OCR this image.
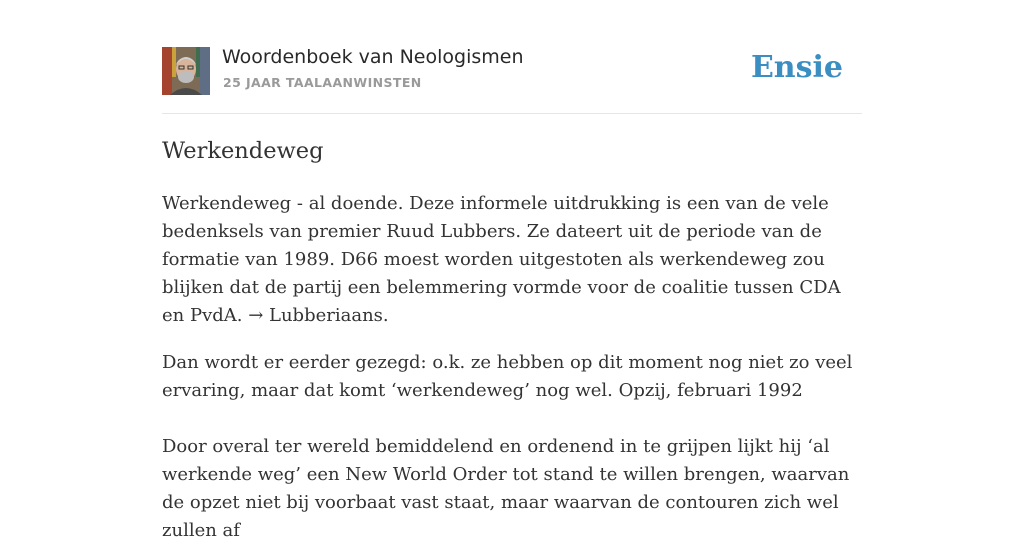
Woordenboek van Neologismen
25 JAAR TAALAANWINSTEN	Ensie
Werkendeweg

Werkendeweg - al doende. Deze informele uitdrukking is een van de vele bedenksels van premier Ruud Lubbers. Ze dateert uit de periode van de formatie van 1989. D66 moest worden uitgestoten als werkendeweg zou blijken dat de partij een belemmering vormde voor de coalitie tussen CDA en PvdA. → Lubberiaans.

Dan wordt er eerder gezegd: o.k. ze hebben op dit moment nog niet zo veel ervaring, maar dat komt ‘werkendeweg’ nog wel. Opzij, februari 1992

Door overal ter wereld bemiddelend en ordenend in te grijpen lijkt hij ‘al werkende weg’ een New World Order tot stand te willen brengen, waarvan de opzet niet bij voorbaat vast staat, maar waarvan de contouren zich wel zullen af
